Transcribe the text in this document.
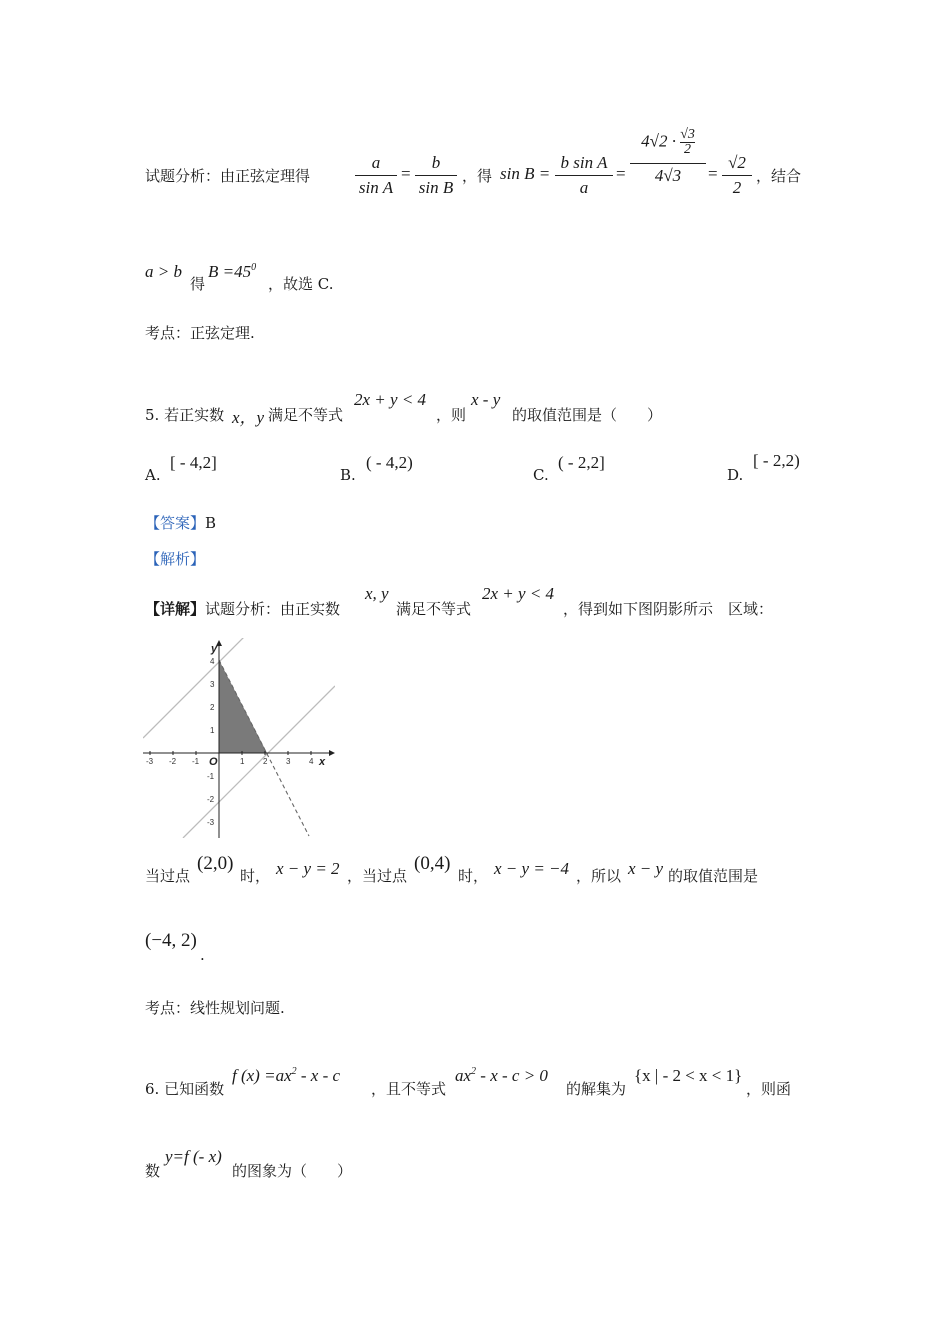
试题分析：由正弦定理得
a
sin A
=
b
sin B
，得 sin B =
b sin A
a
=
$4√2 \cdot \frac{√3}{2}$
4√3	=
√2
2
，结合
a > b
得
$B =45^0$
，故选 C.
考点：正弦定理.
5. 若正实数 x，y 满足不等式
2x + y < 4
，则
x - y
的取值范围是（　　）
A.
[ - 4,2]
B.
( - 4,2)
C.
( - 2,2]
D.
[ - 2,2)
【答案】B
【解析】
【详解】试题分析：由正实数
x, y
满足不等式
2x + y < 4
，得到如下图阴影所示　区域：
-3 -2 -1	1 2 3 4
4
3
2
1
-1
-2
-3
O	x
y
当过点
(2,0)
时， x − y = 2 ，当过点
(0,4)
时， x − y = −4 ，所以 x − y 的取值范围是
(−4, 2)
.
考点：线性规划问题.
6. 已知函数
f $(x) =ax^2 - x - c$
，且不等式
$ax^2 - x - c > 0$
的解集为
{x | - 2 < x < 1}
，则函
数
y=f (- x)
的图象为（　　）
